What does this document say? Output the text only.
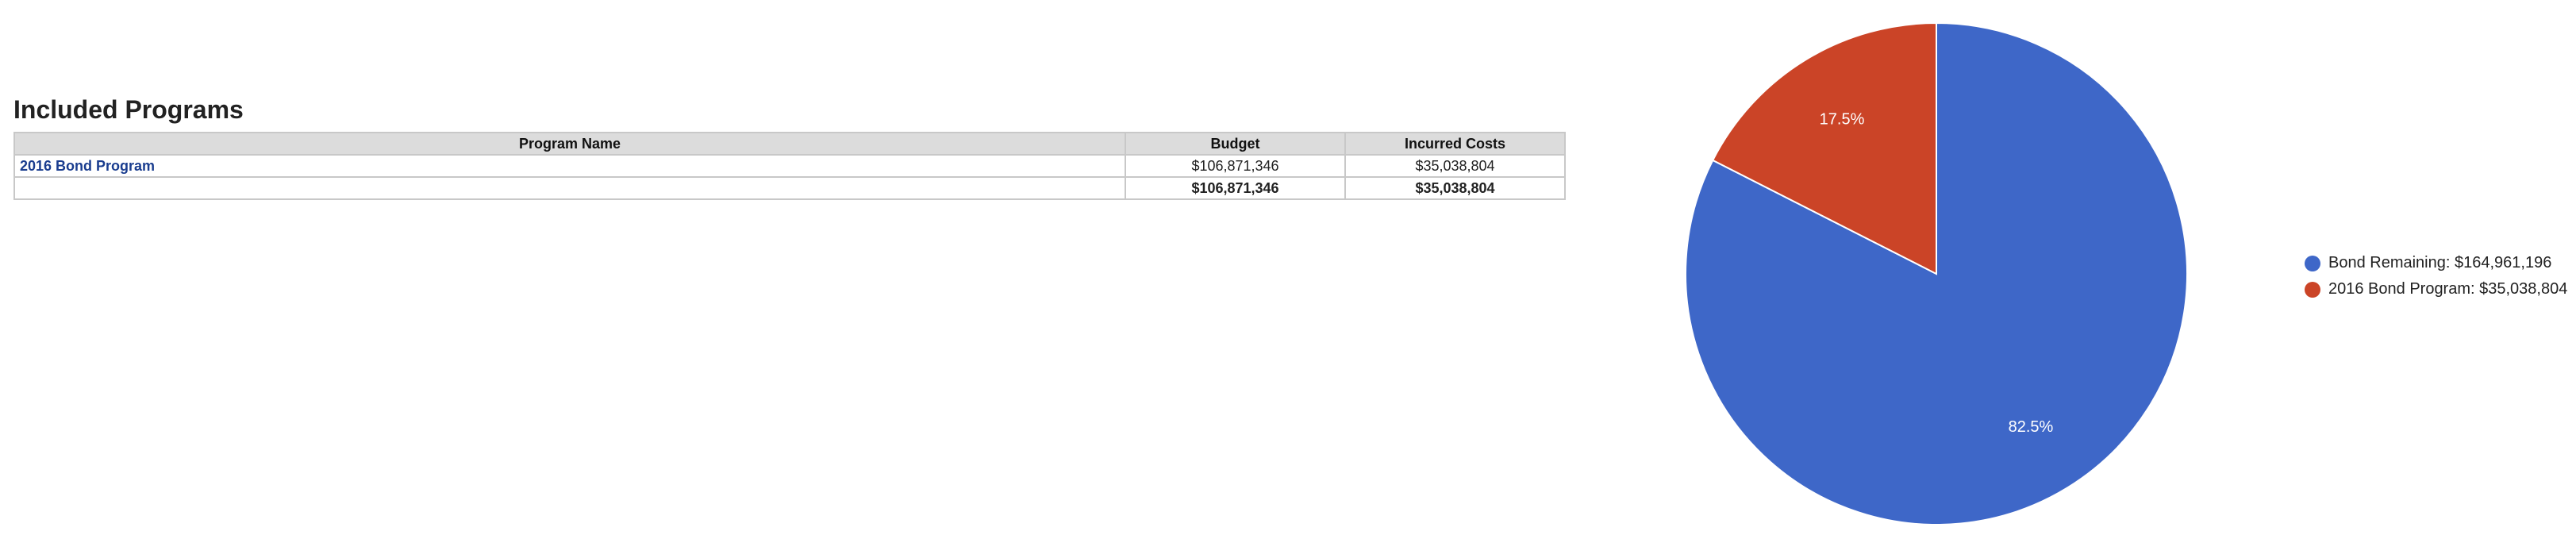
Included Programs
Program Name	Budget	Incurred Costs
2016 Bond Program	$106,871,346	$35,038,804
	$106,871,346	$35,038,804
82.5%
17.5%
Bond Remaining: $164,961,196
2016 Bond Program: $35,038,804
